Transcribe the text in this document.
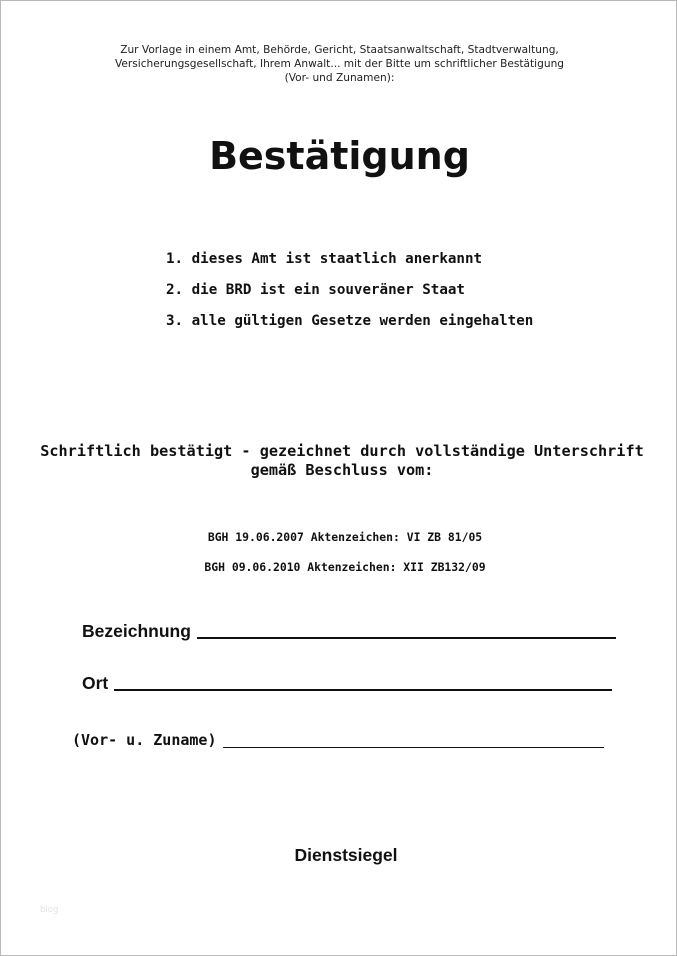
Zur Vorlage in einem Amt, Behörde, Gericht, Staatsanwaltschaft, Stadtverwaltung,
Versicherungsgesellschaft, Ihrem Anwalt... mit der Bitte um schriftlicher Bestätigung
(Vor- und Zunamen):
Bestätigung
1. dieses Amt ist staatlich anerkannt
2. die BRD ist ein souveräner Staat
3. alle gültigen Gesetze werden eingehalten
Schriftlich bestätigt - gezeichnet durch vollständige Unterschrift
gemäß Beschluss vom:
BGH 19.06.2007 Aktenzeichen: VI ZB 81/05
BGH 09.06.2010 Aktenzeichen: XII ZB132/09
Bezeichnung
Ort
(Vor- u. Zuname)
Dienstsiegel
blog
